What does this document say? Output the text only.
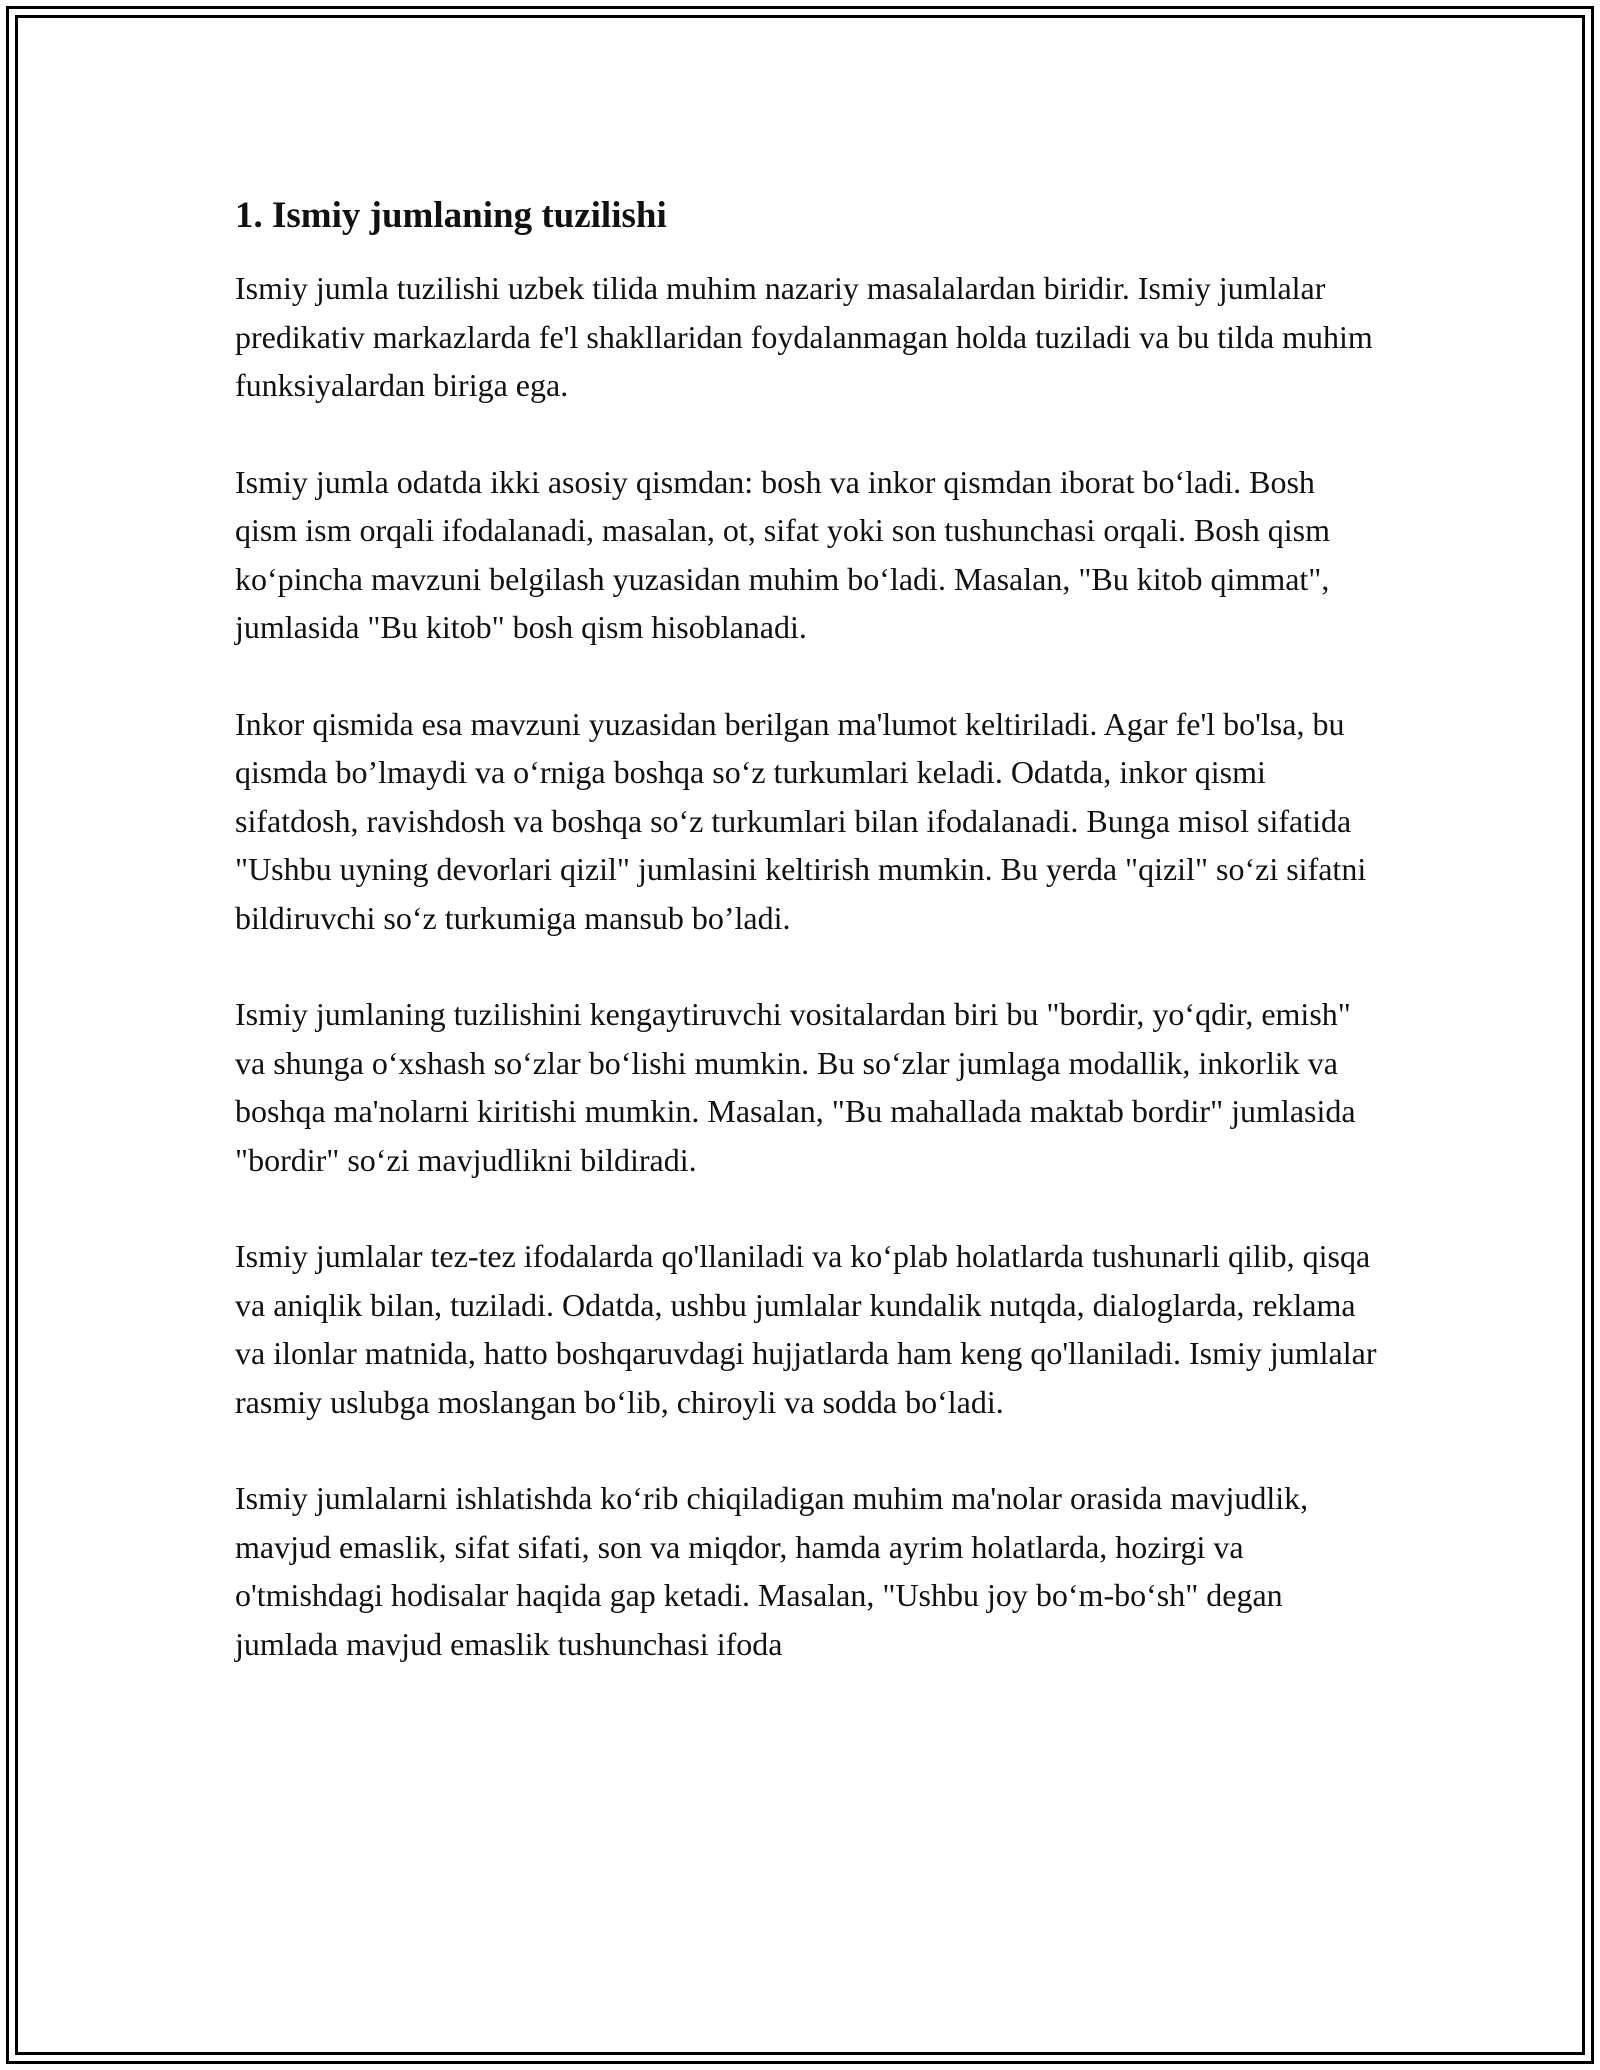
1. Ismiy jumlaning tuzilishi

Ismiy jumla tuzilishi uzbek tilida muhim nazariy masalalardan biridir. Ismiy jumlalar predikativ markazlarda fe'l shakllaridan foydalanmagan holda tuziladi va bu tilda muhim funksiyalardan biriga ega.

Ismiy jumla odatda ikki asosiy qismdan: bosh va inkor qismdan iborat bo‘ladi. Bosh qism ism orqali ifodalanadi, masalan, ot, sifat yoki son tushunchasi orqali. Bosh qism ko‘pincha mavzuni belgilash yuzasidan muhim bo‘ladi. Masalan, "Bu kitob qimmat", jumlasida "Bu kitob" bosh qism hisoblanadi.

Inkor qismida esa mavzuni yuzasidan berilgan ma'lumot keltiriladi. Agar fe'l bo'lsa, bu qismda bo’lmaydi va o‘rniga boshqa so‘z turkumlari keladi. Odatda, inkor qismi sifatdosh, ravishdosh va boshqa so‘z turkumlari bilan ifodalanadi. Bunga misol sifatida "Ushbu uyning devorlari qizil" jumlasini keltirish mumkin. Bu yerda "qizil" so‘zi sifatni bildiruvchi so‘z turkumiga mansub bo’ladi.

Ismiy jumlaning tuzilishini kengaytiruvchi vositalardan biri bu "bordir, yo‘qdir, emish" va shunga o‘xshash so‘zlar bo‘lishi mumkin. Bu so‘zlar jumlaga modallik, inkorlik va boshqa ma'nolarni kiritishi mumkin. Masalan, "Bu mahallada maktab bordir" jumlasida "bordir" so‘zi mavjudlikni bildiradi.

Ismiy jumlalar tez-tez ifodalarda qo'llaniladi va ko‘plab holatlarda tushunarli qilib, qisqa va aniqlik bilan, tuziladi. Odatda, ushbu jumlalar kundalik nutqda, dialoglarda, reklama va ilonlar matnida, hatto boshqaruvdagi hujjatlarda ham keng qo'llaniladi. Ismiy jumlalar rasmiy uslubga moslangan bo‘lib, chiroyli va sodda bo‘ladi.

Ismiy jumlalarni ishlatishda ko‘rib chiqiladigan muhim ma'nolar orasida mavjudlik, mavjud emaslik, sifat sifati, son va miqdor, hamda ayrim holatlarda, hozirgi va o'tmishdagi hodisalar haqida gap ketadi. Masalan, "Ushbu joy bo‘m-bo‘sh" degan jumlada mavjud emaslik tushunchasi ifoda
